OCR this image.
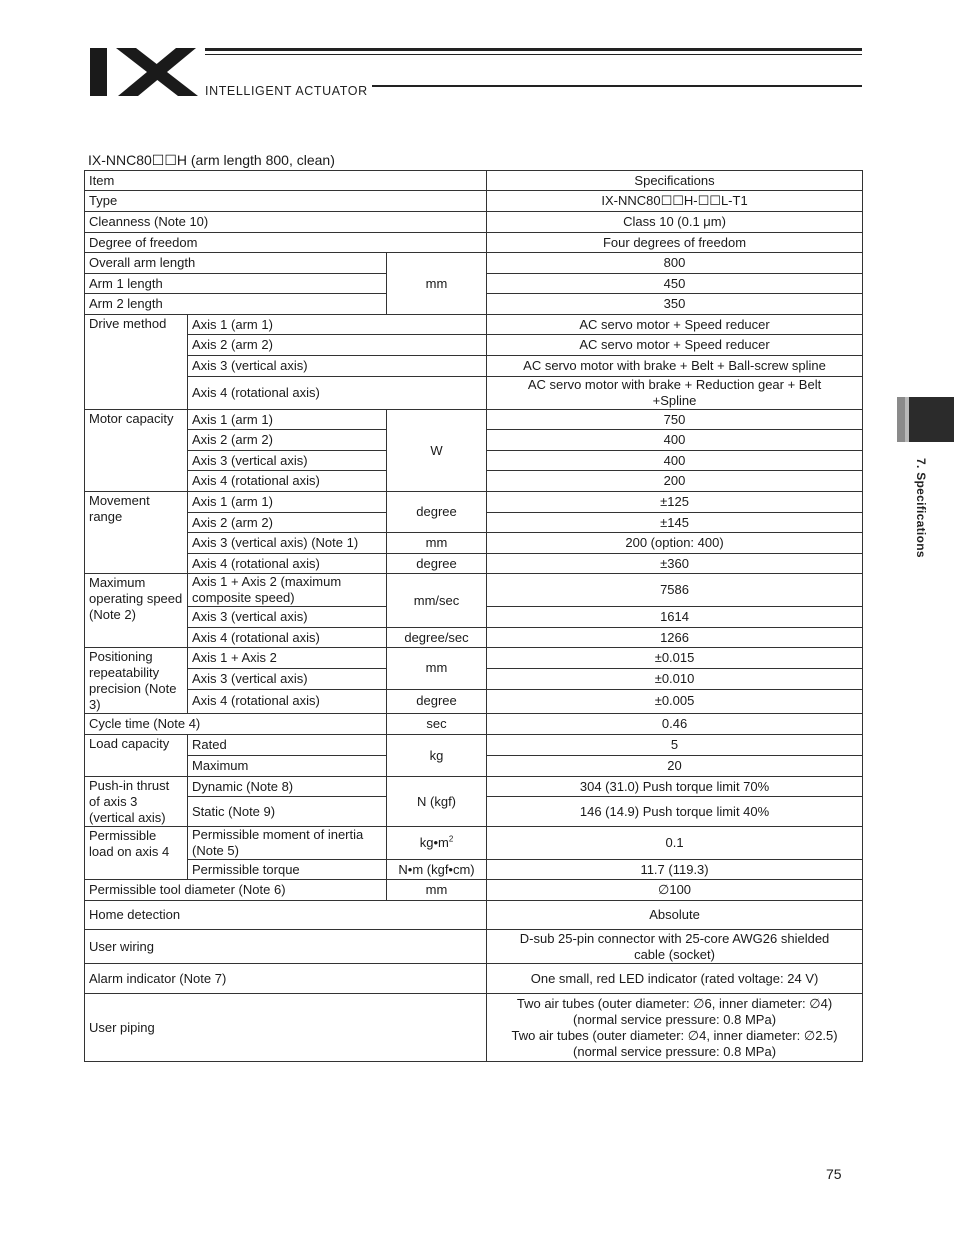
INTELLIGENT ACTUATOR
IX-NNC80☐☐H (arm length 800, clean)
Item			Specifications
Type			IX-NNC80☐☐H-☐☐L-T1
Cleanness (Note 10)			Class 10 (0.1 μm)
Degree of freedom			Four degrees of freedom
Overall arm length		mm	800
Arm 1 length			450
Arm 2 length			350
Drive method	Axis 1 (arm 1)		AC servo motor + Speed reducer
	Axis 2 (arm 2)		AC servo motor + Speed reducer
	Axis 3 (vertical axis)		AC servo motor with brake + Belt + Ball-screw spline
	Axis 4 (rotational axis)		AC servo motor with brake + Reduction gear + Belt
+Spline
Motor capacity	Axis 1 (arm 1)	W	750
	Axis 2 (arm 2)		400
	Axis 3 (vertical axis)		400
	Axis 4 (rotational axis)		200
Movement range	Axis 1 (arm 1)	degree	±125
	Axis 2 (arm 2)		±145
	Axis 3 (vertical axis) (Note 1)	mm	200 (option: 400)
	Axis 4 (rotational axis)	degree	±360
Maximum operating speed (Note 2)	Axis 1 + Axis 2 (maximum composite speed)	mm/sec	7586
	Axis 3 (vertical axis)		1614
	Axis 4 (rotational axis)	degree/sec	1266
Positioning repeatability precision (Note 3)	Axis 1 + Axis 2	mm	±0.015
	Axis 3 (vertical axis)		±0.010
	Axis 4 (rotational axis)	degree	±0.005
Cycle time (Note 4)		sec	0.46
Load capacity	Rated	kg	5
	Maximum		20
Push-in thrust of axis 3 (vertical axis)	Dynamic (Note 8)	N (kgf)	304 (31.0) Push torque limit 70%
	Static (Note 9)		146 (14.9) Push torque limit 40%
Permissible load on axis 4	Permissible moment of inertia (Note 5)	$kg•m^2$	0.1
	Permissible torque	N•m (kgf•cm)	11.7 (119.3)
Permissible tool diameter (Note 6)		mm	∅100
Home detection			Absolute
User wiring			D-sub 25-pin connector with 25-core AWG26 shielded
cable (socket)
Alarm indicator (Note 7)			One small, red LED indicator (rated voltage: 24 V)
User piping			Two air tubes (outer diameter: ∅6, inner diameter: ∅4)
(normal service pressure: 0.8 MPa)
Two air tubes (outer diameter: ∅4, inner diameter: ∅2.5)
(normal service pressure: 0.8 MPa)
7. Specifications
75
